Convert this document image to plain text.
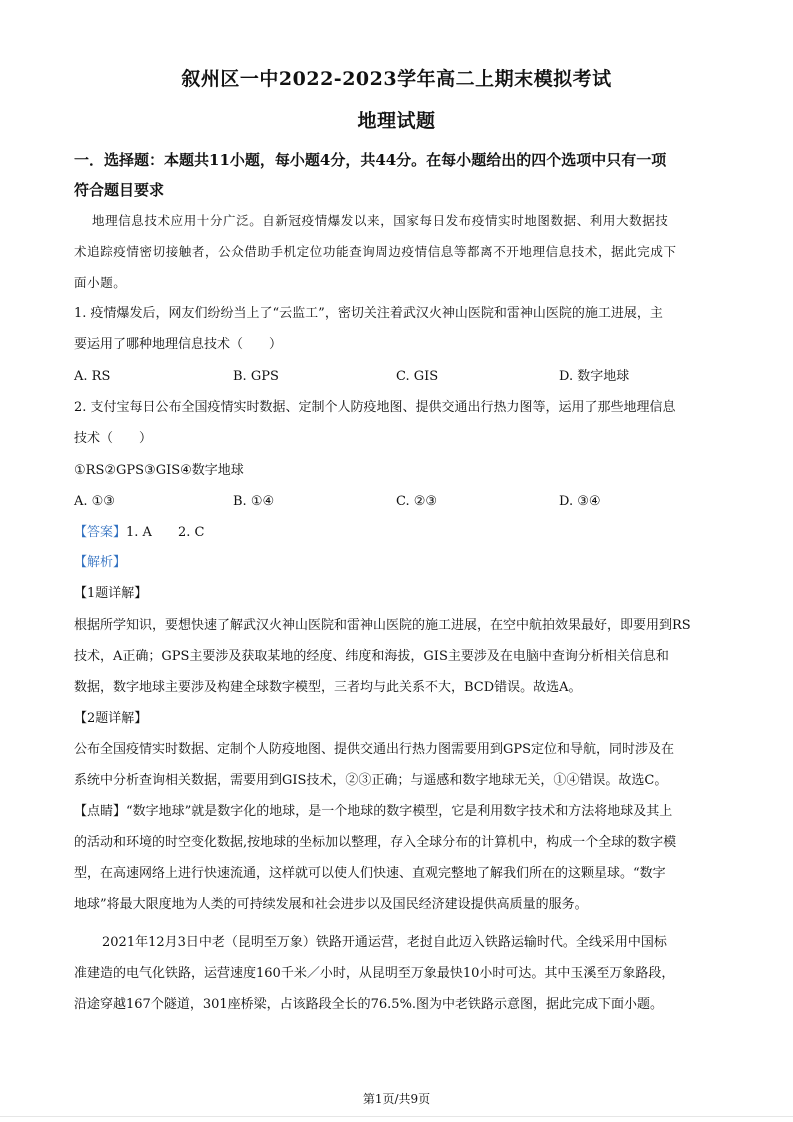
叙州区一中2022-2023学年高二上期末模拟考试
地理试题
一．选择题：本题共11小题，每小题4分，共44分。在每小题给出的四个选项中只有一项
符合题目要求
地理信息技术应用十分广泛。自新冠疫情爆发以来，国家每日发布疫情实时地图数据、利用大数据技
术追踪疫情密切接触者，公众借助手机定位功能查询周边疫情信息等都离不开地理信息技术，据此完成下
面小题。
1. 疫情爆发后，网友们纷纷当上了“云监工”，密切关注着武汉火神山医院和雷神山医院的施工进展，主
要运用了哪种地理信息技术（　　）
A. RS	B. GPS	C. GIS	D. 数字地球
2. 支付宝每日公布全国疫情实时数据、定制个人防疫地图、提供交通出行热力图等，运用了那些地理信息
技术（　　）
①RS②GPS③GIS④数字地球
A. ①③	B. ①④	C. ②③	D. ③④
【答案】1. A　　2. C
【解析】
【1题详解】
根据所学知识，要想快速了解武汉火神山医院和雷神山医院的施工进展，在空中航拍效果最好，即要用到RS
技术，A正确；GPS主要涉及获取某地的经度、纬度和海拔，GIS主要涉及在电脑中查询分析相关信息和
数据，数字地球主要涉及构建全球数字模型，三者均与此关系不大，BCD错误。故选A。
【2题详解】
公布全国疫情实时数据、定制个人防疫地图、提供交通出行热力图需要用到GPS定位和导航，同时涉及在
系统中分析查询相关数据，需要用到GIS技术，②③正确；与遥感和数字地球无关，①④错误。故选C。
【点睛】“数字地球”就是数字化的地球，是一个地球的数字模型，它是利用数字技术和方法将地球及其上
的活动和环境的时空变化数据,按地球的坐标加以整理，存入全球分布的计算机中，构成一个全球的数字模
型，在高速网络上进行快速流通，这样就可以使人们快速、直观完整地了解我们所在的这颗星球。“数字
地球”将最大限度地为人类的可持续发展和社会进步以及国民经济建设提供高质量的服务。
2021年12月3日中老（昆明至万象）铁路开通运营，老挝自此迈入铁路运输时代。全线采用中国标
准建造的电气化铁路，运营速度160千米／小时，从昆明至万象最快10小时可达。其中玉溪至万象路段，
沿途穿越167个隧道，301座桥梁，占该路段全长的76.5%.图为中老铁路示意图，据此完成下面小题。
第1页/共9页
